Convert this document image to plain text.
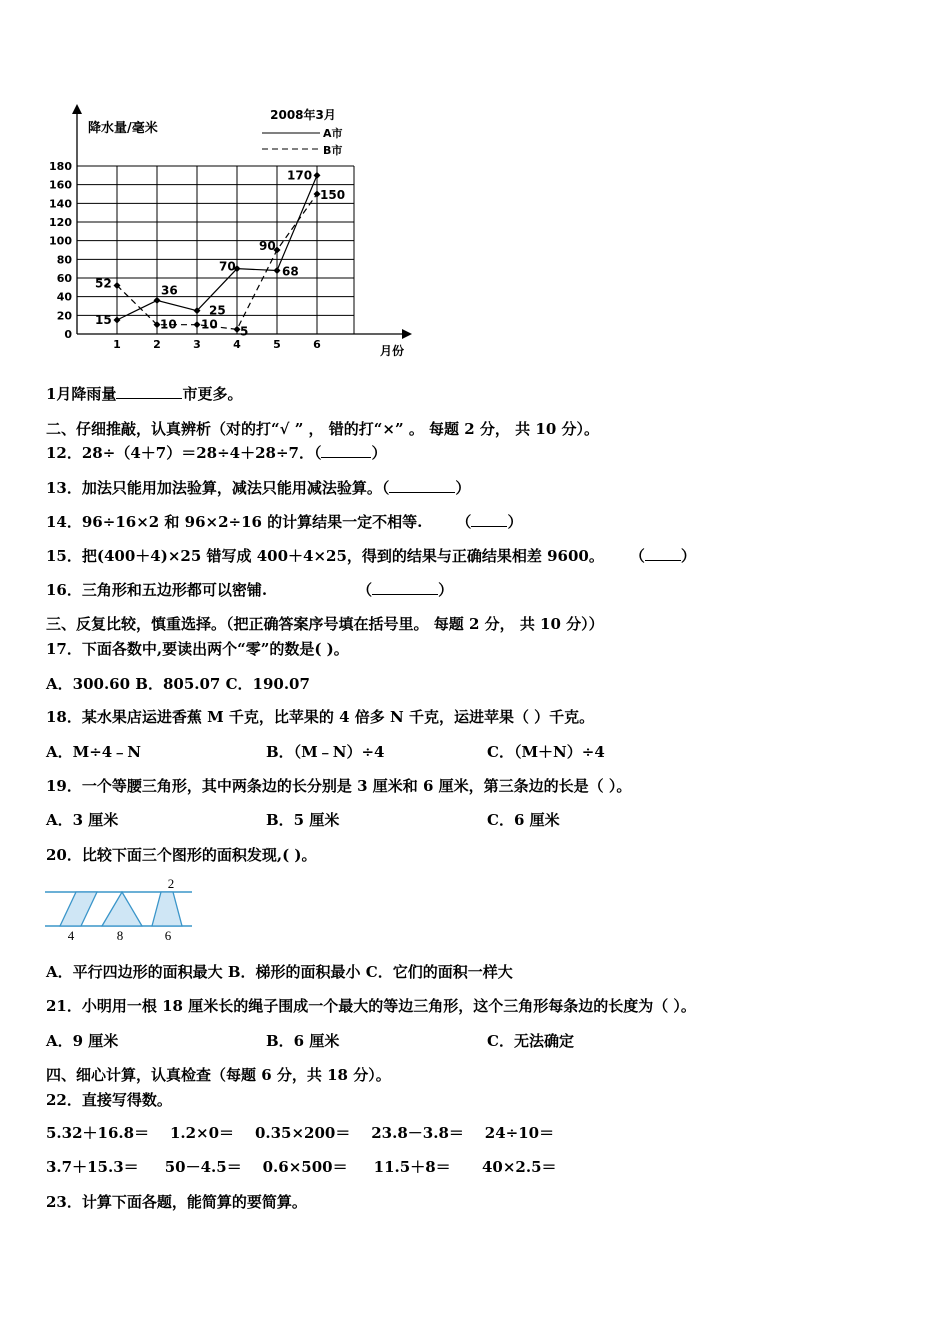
降水量/毫米
月份
0
20
40
60
80
100
120
140
160
180
1	2	3	4	5	6
2008年3月
A市
B市
15
36
25
70	68
170
52
10 10 5
90
150
1月降雨量	市更多。
二、仔细推敲，认真辨析（对的打“√ ” ， 错的打“×” 。 每题 2 分， 共 10 分）。
12．28÷（4＋7）＝28÷4＋28÷7．（	）
13．加法只能用加法验算，减法只能用减法验算。（	）
14．96÷16×2 和 96×2÷16 的计算结果一定不相等. （ ）
15．把(400＋4)×25 错写成 400＋4×25，得到的结果与正确结果相差 9600。 （ ）
16．三角形和五边形都可以密铺.	（	）
三、反复比较，慎重选择。（把正确答案序号填在括号里。 每题 2 分， 共 10 分））
17．下面各数中,要读出两个“零”的数是( )。
A．300.60 B．805.07 C．190.07
18．某水果店运进香蕉 M 千克，比苹果的 4 倍多 N 千克，运进苹果（ ）千克。
A．M÷4﹣N	B．（M﹣N）÷4	C．（M＋N）÷4
19．一个等腰三角形，其中两条边的长分别是 3 厘米和 6 厘米，第三条边的长是（ ）。
A．3 厘米	B．5 厘米	C．6 厘米
20．比较下面三个图形的面积发现,( )。
2
4	8	6
A．平行四边形的面积最大 B．梯形的面积最小 C．它们的面积一样大
21．小明用一根 18 厘米长的绳子围成一个最大的等边三角形，这个三角形每条边的长度为（ ）。
A．9 厘米	B．6 厘米	C．无法确定
四、细心计算，认真检查（每题 6 分，共 18 分）。
22．直接写得数。
5.32＋16.8＝    1.2×0＝    0.35×200＝    23.8－3.8＝    24÷10＝
3.7＋15.3＝     50－4.5＝    0.6×500＝     11.5＋8＝      40×2.5＝
23．计算下面各题，能简算的要简算。
